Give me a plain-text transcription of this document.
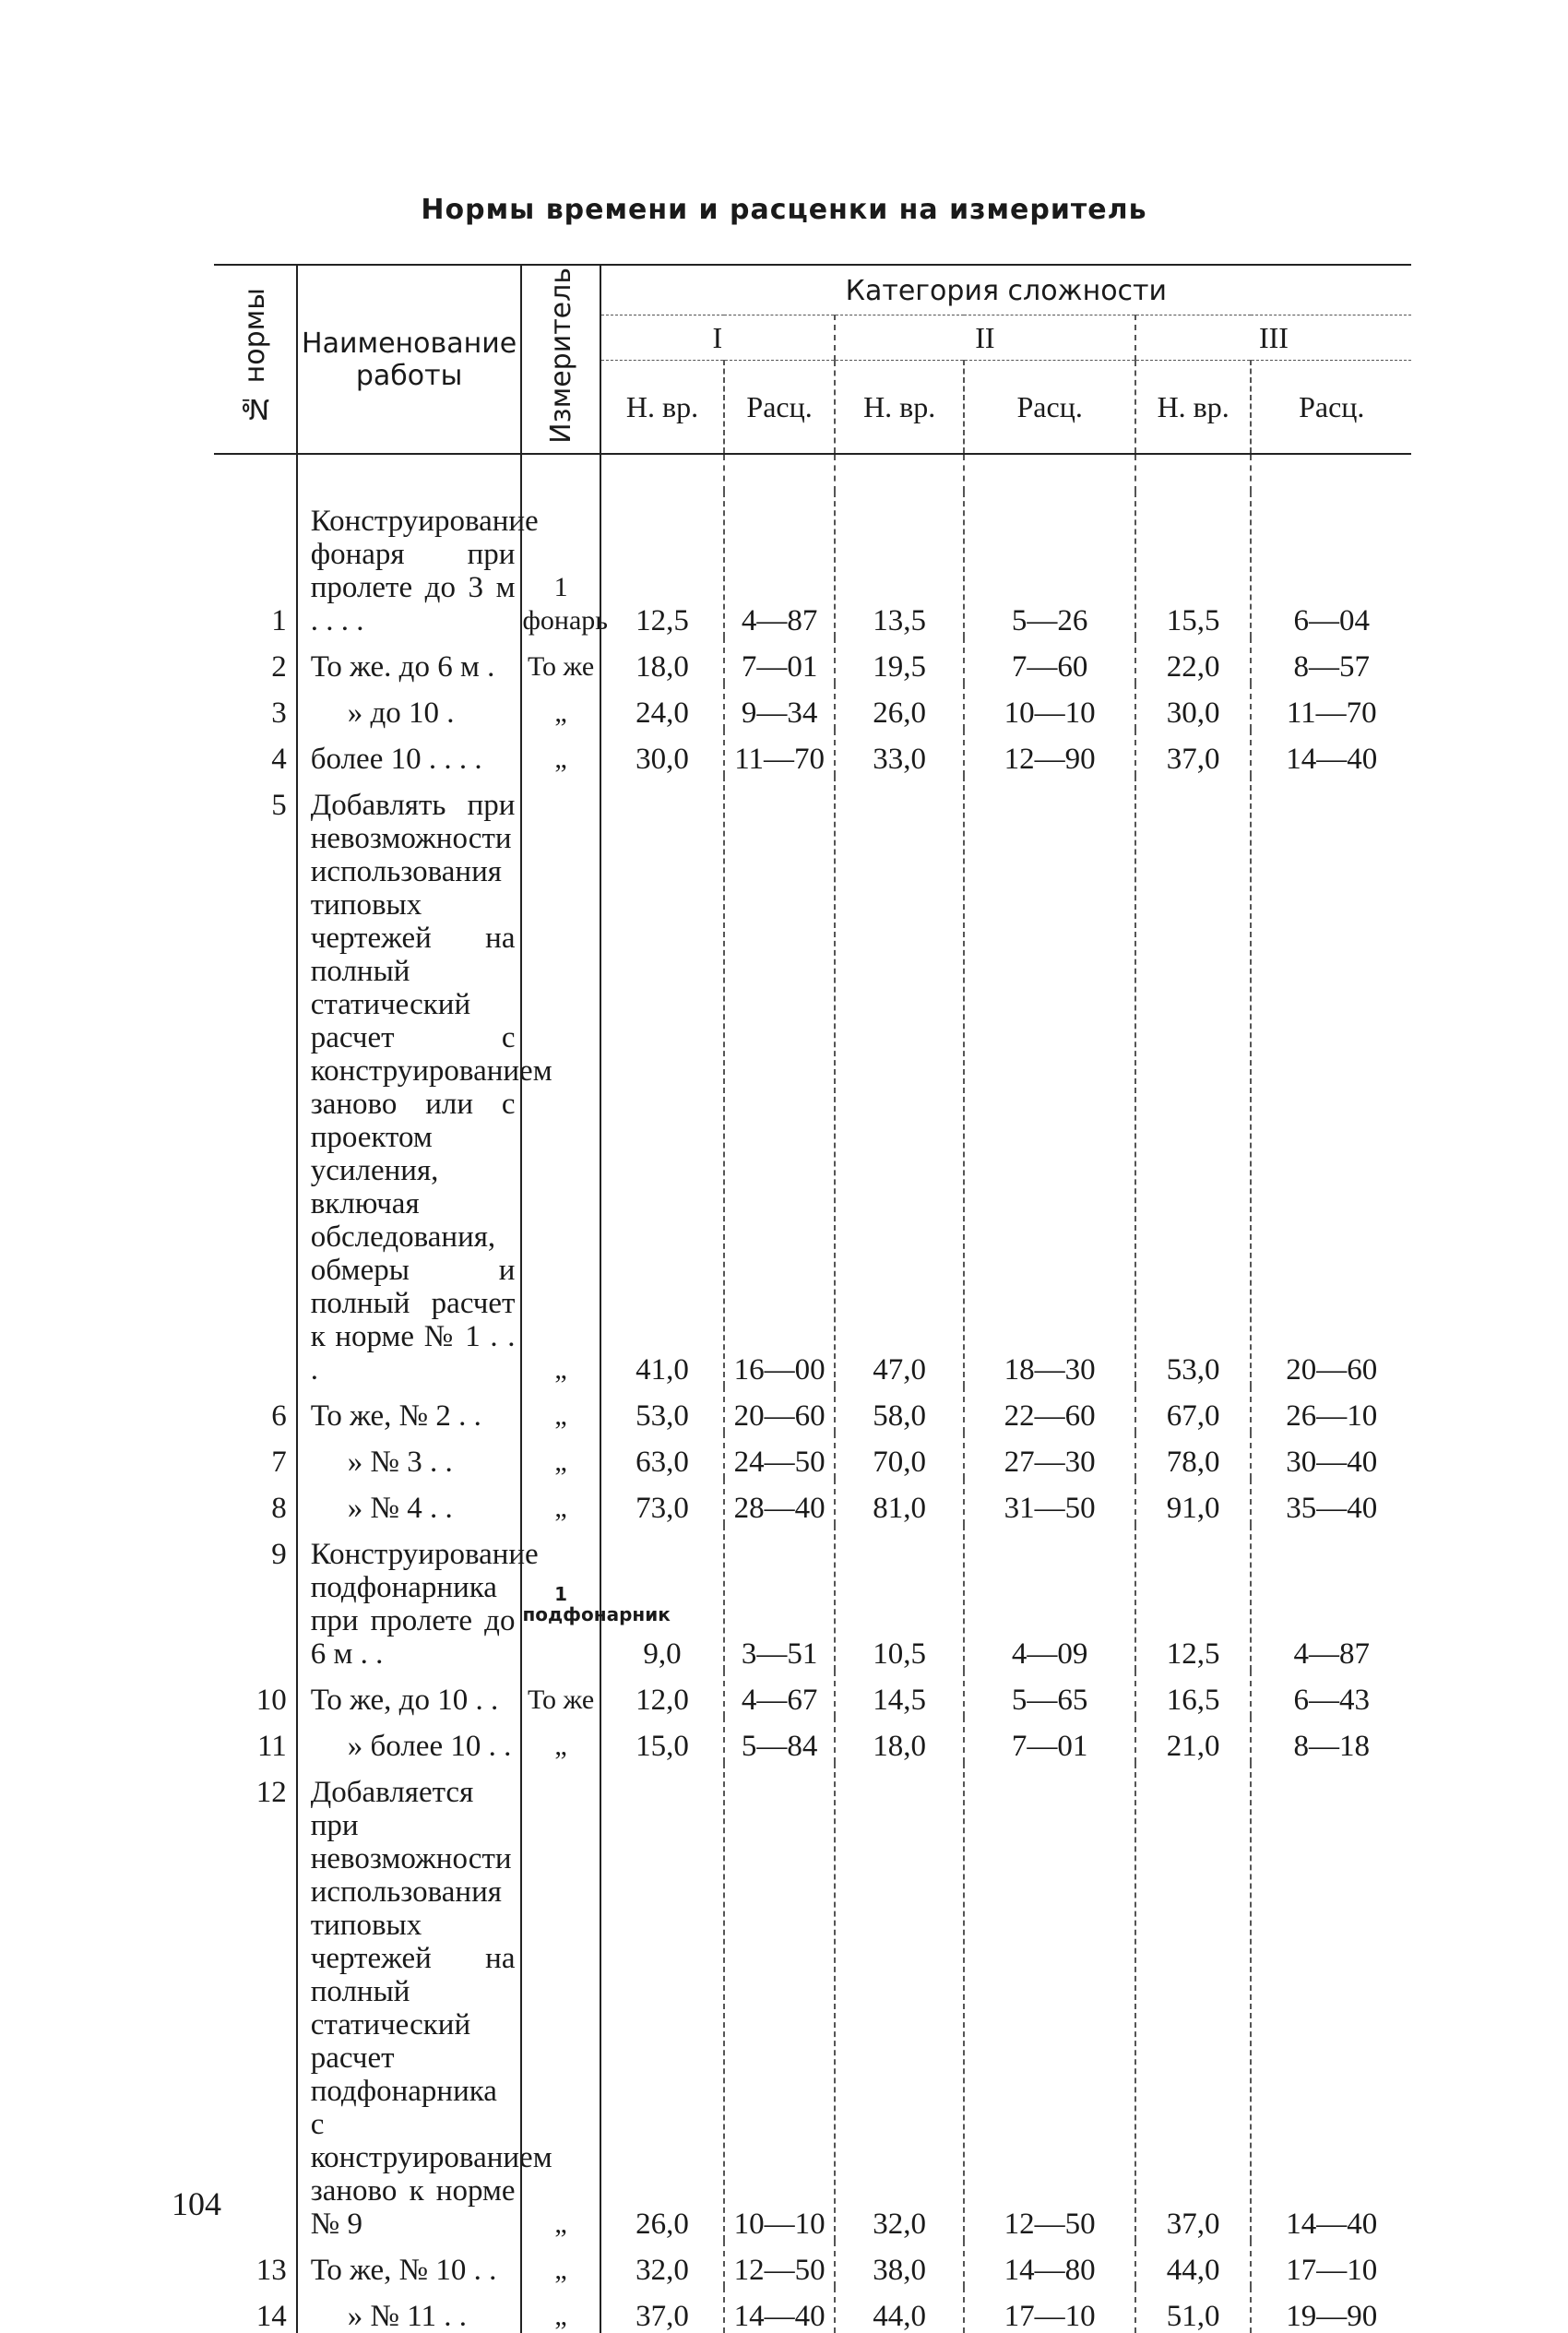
Нормы времени и расценки на измеритель
№ нормы	Наименование работы	Измеритель	Категория сложности					
			I		II		III	
			Н. вр.	Расц.	Н. вр.	Расц.	Н. вр.	Расц.

1	Конструирование фонаря при пролете до 3 м . . . .	1 фонарь	12,5	4—87	13,5	5—26	15,5	6—04
2	То же. до 6 м .	То же	18,0	7—01	19,5	7—60	22,0	8—57
3	» до 10 .	„	24,0	9—34	26,0	10—10	30,0	11—70
4	более 10 . . . .	„	30,0	11—70	33,0	12—90	37,0	14—40
5	Добавлять при невозможности использования типовых чертежей на полный статический расчет с конструированием заново или с проектом усиления, включая обследования, обмеры и полный расчет к норме № 1 . . .	„	41,0	16—00	47,0	18—30	53,0	20—60
6	То же, № 2 . .	„	53,0	20—60	58,0	22—60	67,0	26—10
7	» № 3 . .	„	63,0	24—50	70,0	27—30	78,0	30—40
8	» № 4 . .	„	73,0	28—40	81,0	31—50	91,0	35—40
9	Конструирование подфонарника при пролете до 6 м . .	1 подфонарник	9,0	3—51	10,5	4—09	12,5	4—87
10	То же, до 10 . .	То же	12,0	4—67	14,5	5—65	16,5	6—43
11	» более 10 . .	„	15,0	5—84	18,0	7—01	21,0	8—18
12	Добавляется при невозможности использования типовых чертежей на полный статический расчет подфонарника с конструированием заново к норме № 9	„	26,0	10—10	32,0	12—50	37,0	14—40
13	То же, № 10 . .	„	32,0	12—50	38,0	14—80	44,0	17—10
14	» № 11 . .	„	37,0	14—40	44,0	17—10	51,0	19—90
104
